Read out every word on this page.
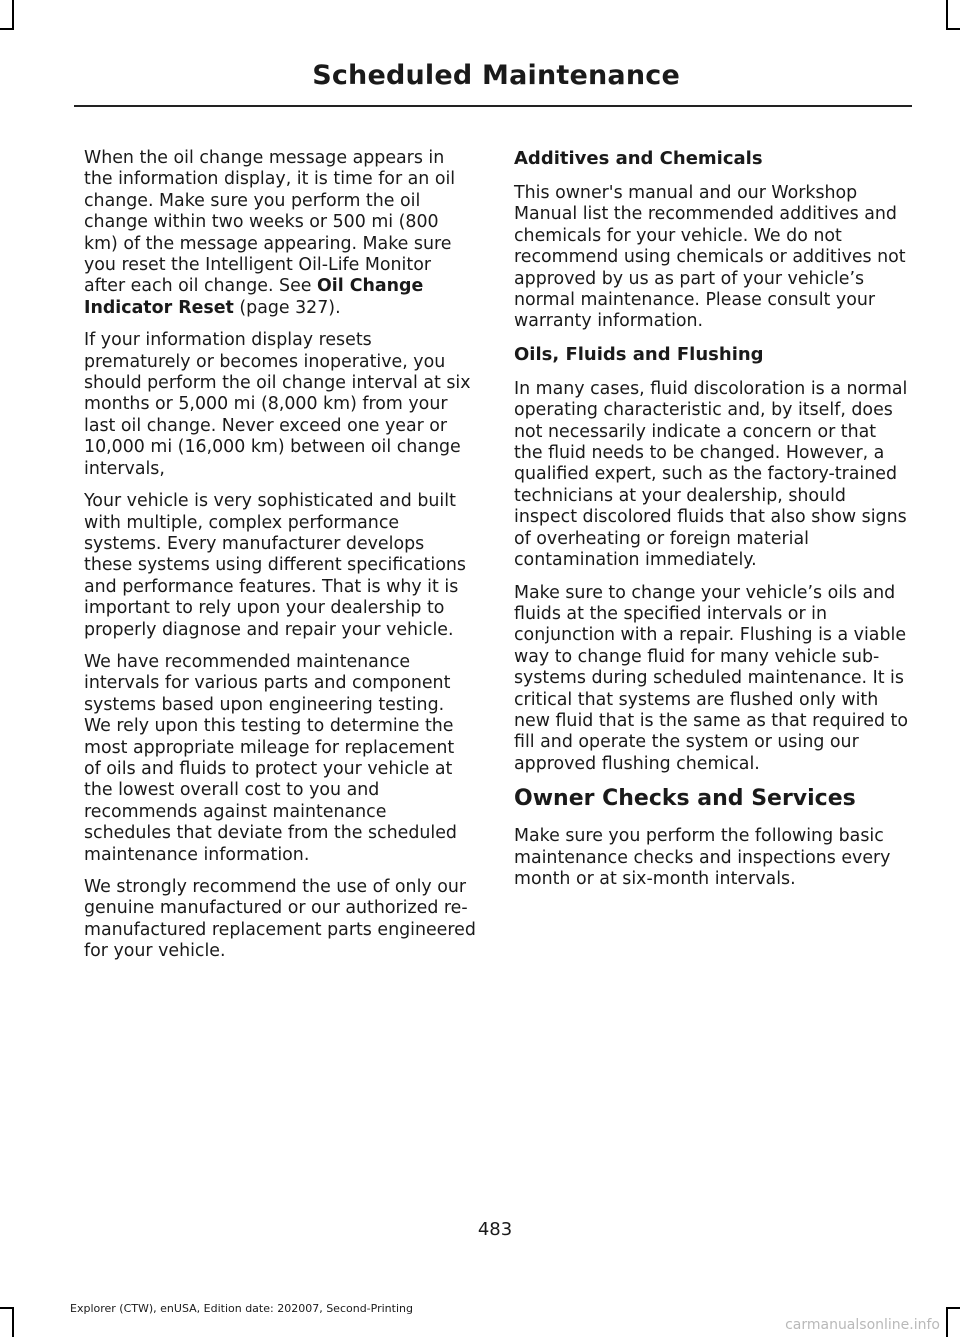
Scheduled Maintenance

When the oil change message appears in the information display, it is time for an oil change. Make sure you perform the oil change within two weeks or 500 mi (800 km) of the message appearing. Make sure you reset the Intelligent Oil-Life Monitor after each oil change. See Oil Change Indicator Reset (page 327).

If your information display resets prematurely or becomes inoperative, you should perform the oil change interval at six months or 5,000 mi (8,000 km) from your last oil change. Never exceed one year or 10,000 mi (16,000 km) between oil change intervals,

Your vehicle is very sophisticated and built with multiple, complex performance systems. Every manufacturer develops these systems using different specifications and performance features. That is why it is important to rely upon your dealership to properly diagnose and repair your vehicle.

We have recommended maintenance intervals for various parts and component systems based upon engineering testing. We rely upon this testing to determine the most appropriate mileage for replacement of oils and fluids to protect your vehicle at the lowest overall cost to you and recommends against maintenance schedules that deviate from the scheduled maintenance information.

We strongly recommend the use of only our genuine manufactured or our authorized re-manufactured replacement parts engineered for your vehicle.

Additives and Chemicals

This owner's manual and our Workshop Manual list the recommended additives and chemicals for your vehicle. We do not recommend using chemicals or additives not approved by us as part of your vehicle’s normal maintenance. Please consult your warranty information.

Oils, Fluids and Flushing

In many cases, fluid discoloration is a normal operating characteristic and, by itself, does not necessarily indicate a concern or that the fluid needs to be changed. However, a qualified expert, such as the factory-trained technicians at your dealership, should inspect discolored fluids that also show signs of overheating or foreign material contamination immediately.

Make sure to change your vehicle’s oils and fluids at the specified intervals or in conjunction with a repair. Flushing is a viable way to change fluid for many vehicle sub-systems during scheduled maintenance. It is critical that systems are flushed only with new fluid that is the same as that required to fill and operate the system or using our approved flushing chemical.

Owner Checks and Services

Make sure you perform the following basic maintenance checks and inspections every month or at six-month intervals.

483
Explorer (CTW), enUSA, Edition date: 202007, Second-Printing
carmanualsonline.info
